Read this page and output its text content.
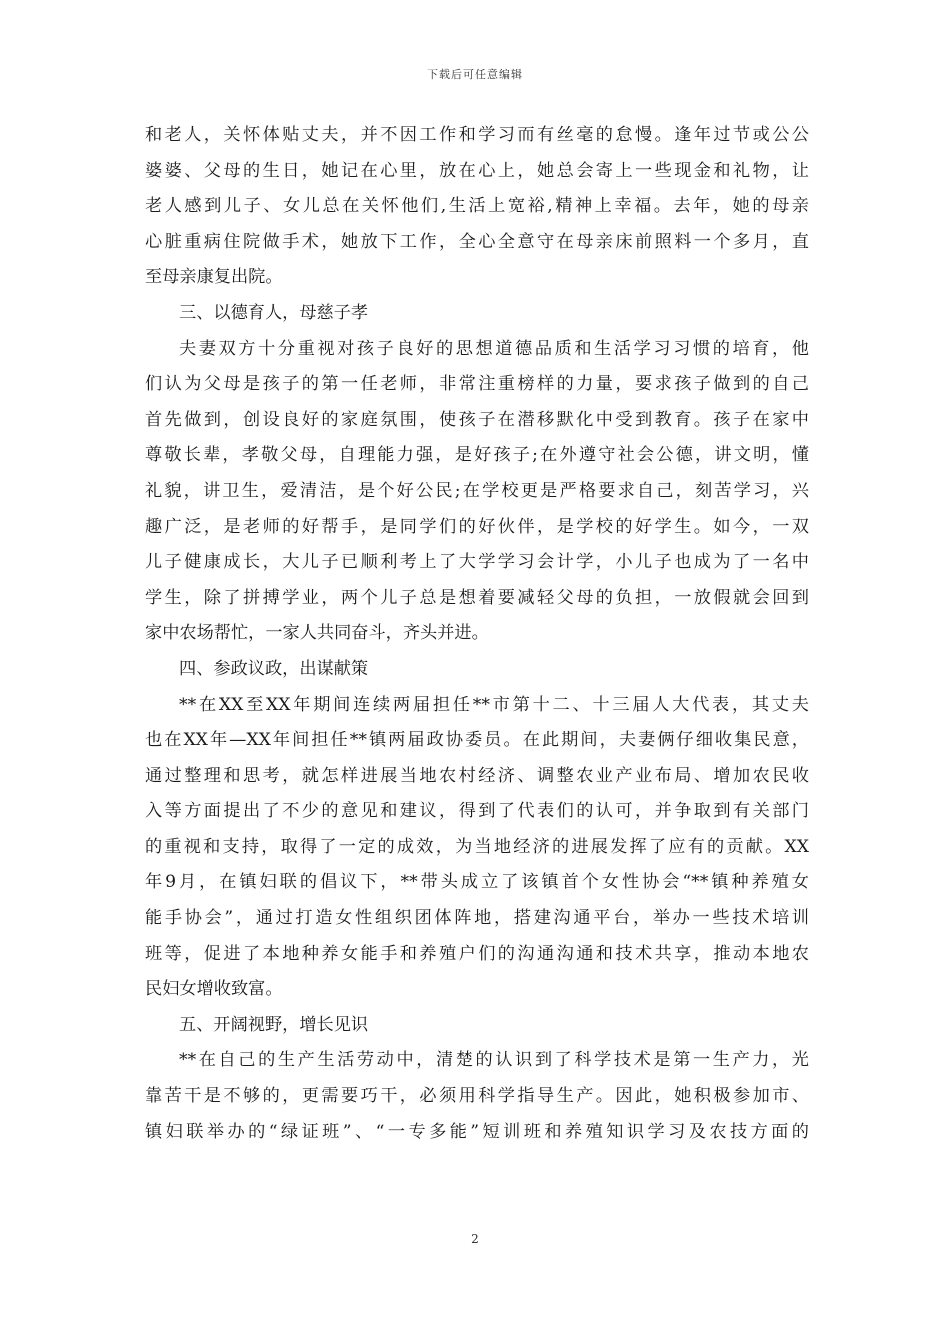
下载后可任意编辑
和老人，关怀体贴丈夫，并不因工作和学习而有丝毫的怠慢。逢年过节或公公
婆婆、父母的生日，她记在心里，放在心上，她总会寄上一些现金和礼物，让
老人感到儿子、女儿总在关怀他们,生活上宽裕,精神上幸福。去年，她的母亲
心脏重病住院做手术，她放下工作，全心全意守在母亲床前照料一个多月，直
至母亲康复出院。
三、以德育人，母慈子孝
夫妻双方十分重视对孩子良好的思想道德品质和生活学习习惯的培育，他
们认为父母是孩子的第一任老师，非常注重榜样的力量，要求孩子做到的自己
首先做到，创设良好的家庭氛围，使孩子在潜移默化中受到教育。孩子在家中
尊敬长辈，孝敬父母，自理能力强，是好孩子;在外遵守社会公德，讲文明，懂
礼貌，讲卫生，爱清洁，是个好公民;在学校更是严格要求自己，刻苦学习，兴
趣广泛，是老师的好帮手，是同学们的好伙伴，是学校的好学生。如今，一双
儿子健康成长，大儿子已顺利考上了大学学习会计学，小儿子也成为了一名中
学生，除了拼搏学业，两个儿子总是想着要减轻父母的负担，一放假就会回到
家中农场帮忙，一家人共同奋斗，齐头并进。
四、参政议政，出谋献策
**在XX至XX年期间连续两届担任**市第十二、十三届人大代表，其丈夫
也在XX年—XX年间担任**镇两届政协委员。在此期间，夫妻俩仔细收集民意，
通过整理和思考，就怎样进展当地农村经济、调整农业产业布局、增加农民收
入等方面提出了不少的意见和建议，得到了代表们的认可，并争取到有关部门
的重视和支持，取得了一定的成效，为当地经济的进展发挥了应有的贡献。XX
年9月，在镇妇联的倡议下，**带头成立了该镇首个女性协会“**镇种养殖女
能手协会”，通过打造女性组织团体阵地，搭建沟通平台，举办一些技术培训
班等，促进了本地种养女能手和养殖户们的沟通沟通和技术共享，推动本地农
民妇女增收致富。
五、开阔视野，增长见识
**在自己的生产生活劳动中，清楚的认识到了科学技术是第一生产力，光
靠苦干是不够的，更需要巧干，必须用科学指导生产。因此，她积极参加市、
镇妇联举办的“绿证班”、“一专多能”短训班和养殖知识学习及农技方面的
2
